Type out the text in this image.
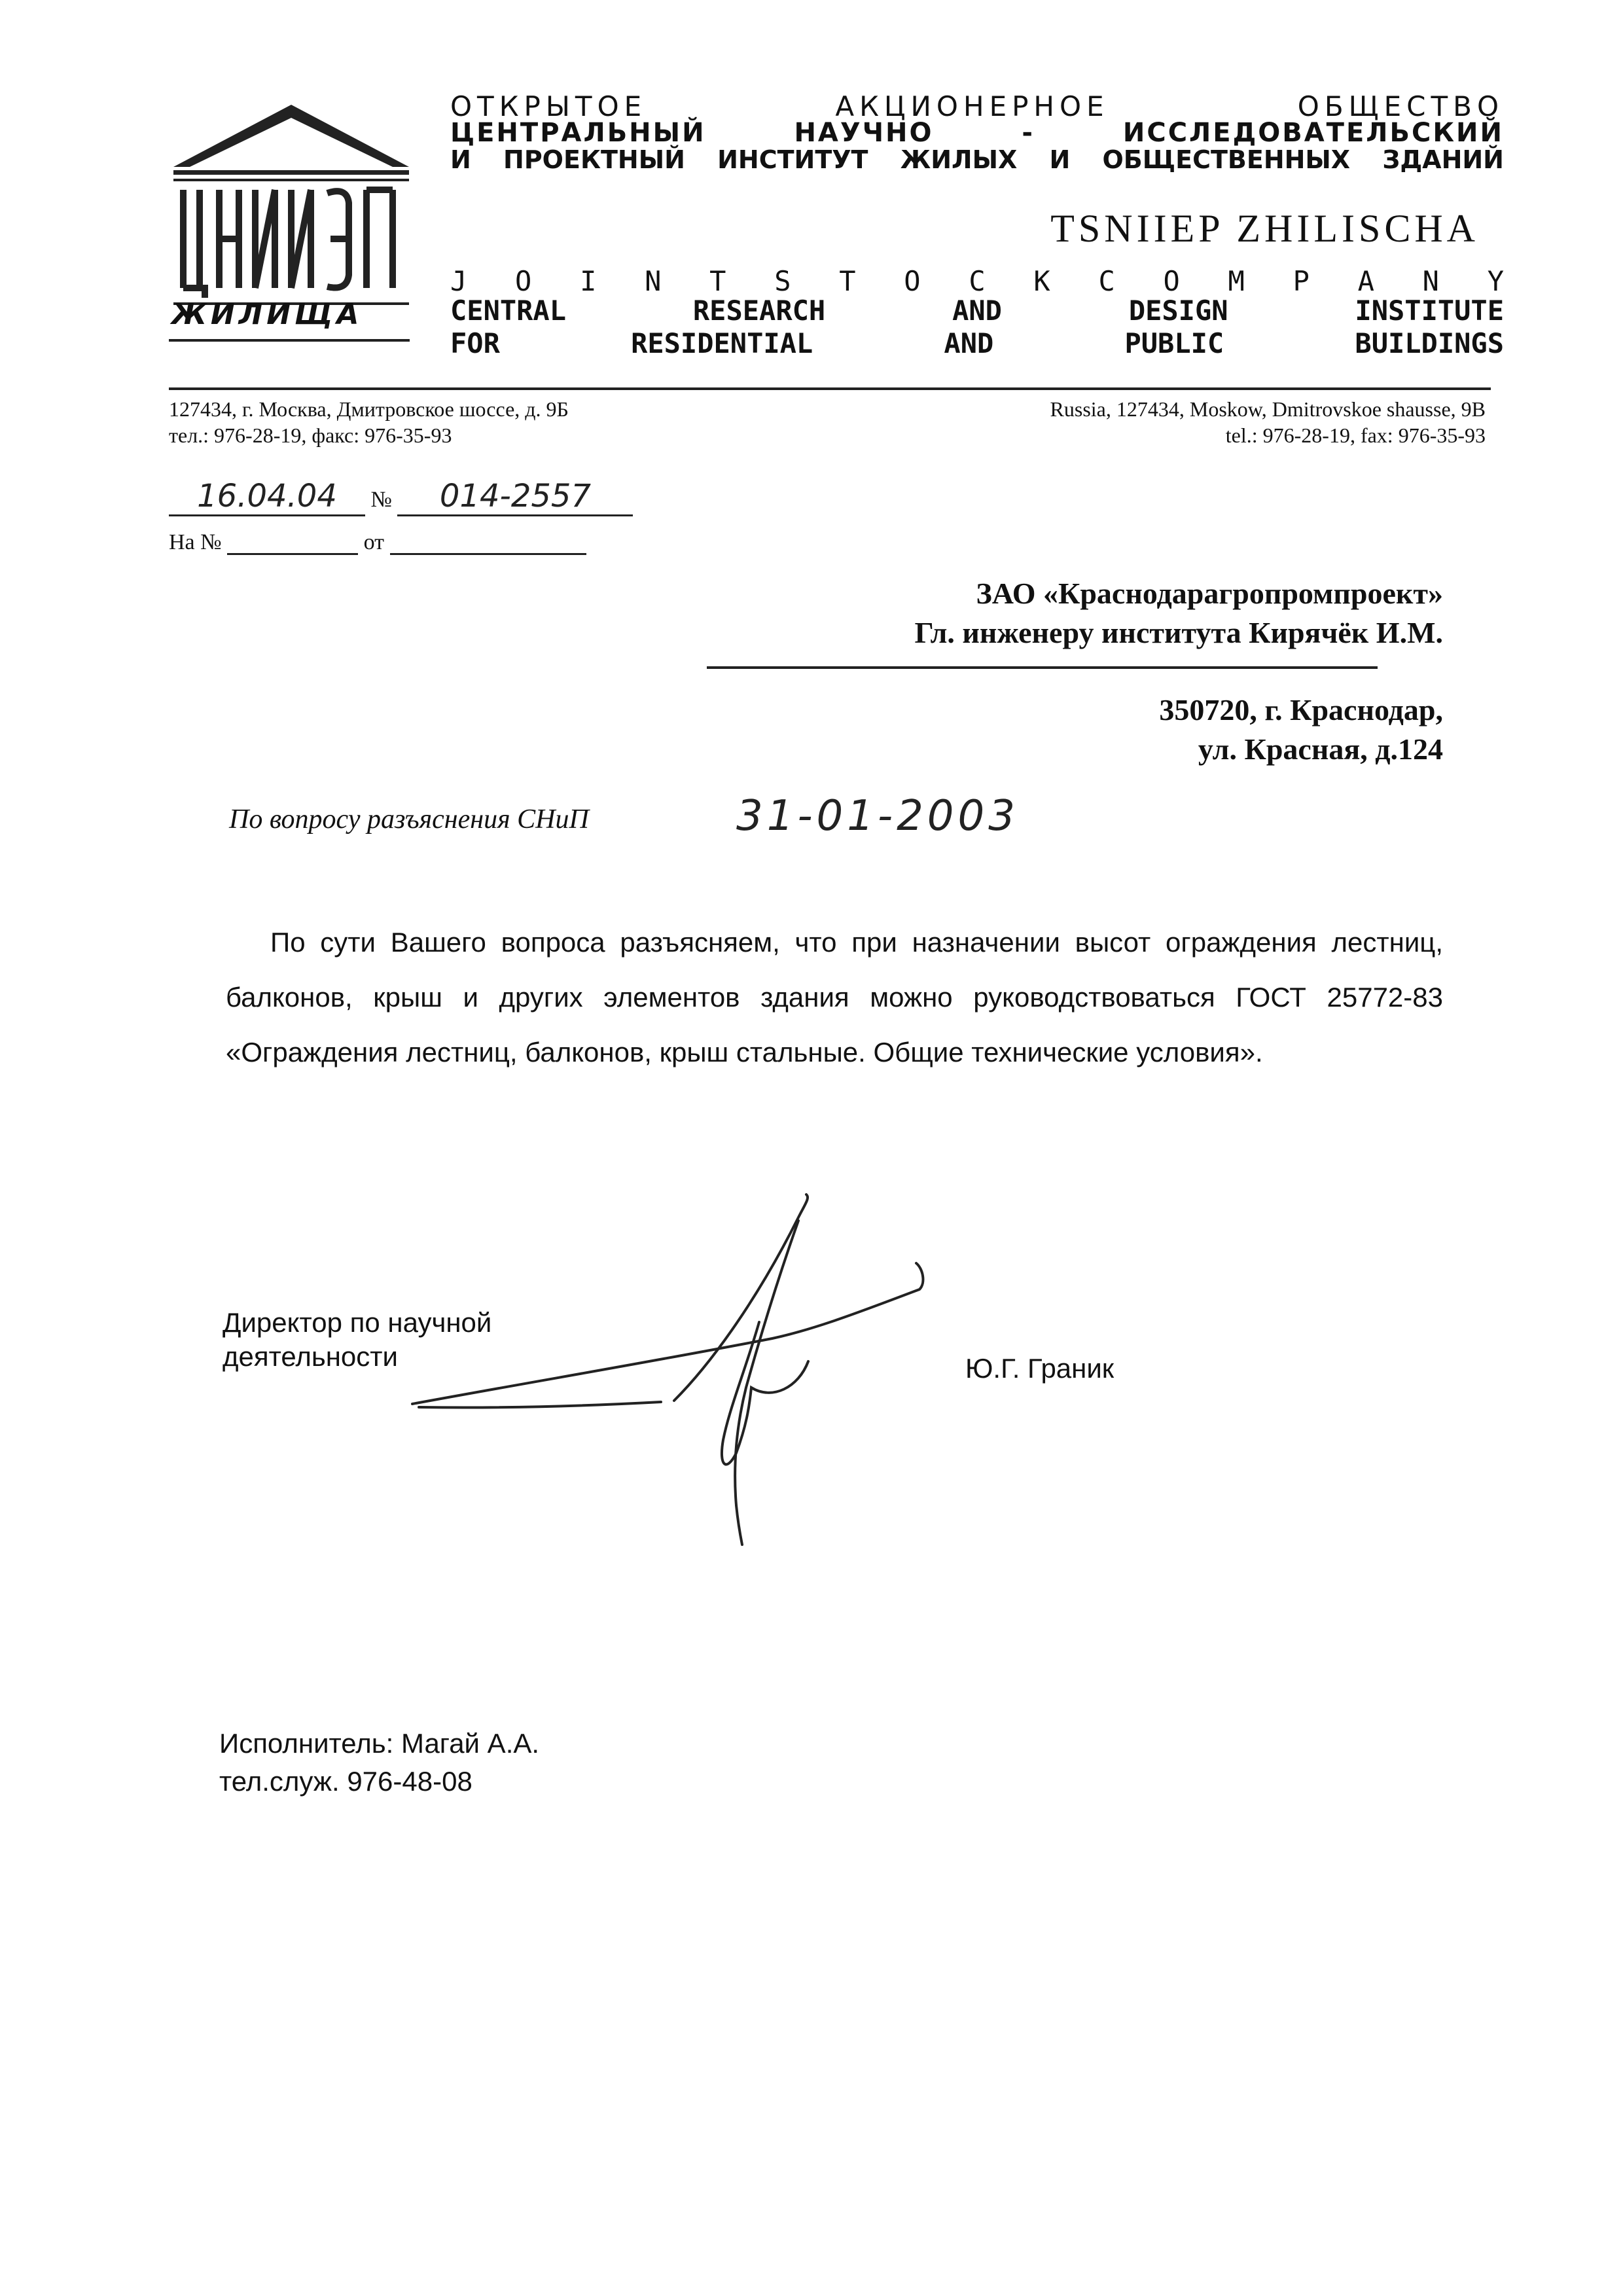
ЖИЛИЩА
ОТКРЫТОЕ АКЦИОНЕРНОЕ ОБЩЕСТВО
ЦЕНТРАЛЬНЫЙ НАУЧНО - ИССЛЕДОВАТЕЛЬСКИЙ
И ПРОЕКТНЫЙ ИНСТИТУТ ЖИЛЫХ И ОБЩЕСТВЕННЫХ ЗДАНИЙ
TSNIIEP ZHILISCHA
J O I N T S T O C K C O M P A N Y
CENTRAL RESEARCH AND DESIGN INSTITUTE
FOR RESIDENTIAL AND PUBLIC BUILDINGS
127434, г. Москва, Дмитровское шоссе, д. 9Б
тел.: 976-28-19, факс: 976-35-93
Russia, 127434, Moskow, Dmitrovskoe shausse, 9B
tel.: 976-28-19, fax: 976-35-93
16.04.04 № 014-2557
На №	от
ЗАО «Краснодарагропромпроект»
Гл. инженеру института Кирячёк И.М.
350720, г. Краснодар,
ул. Красная, д.124
По вопросу разъяснения СНиП	31-01-2003

По сути Вашего вопроса разъясняем, что при назначении высот ограждения лестниц, балконов, крыш и других элементов здания можно руководствоваться ГОСТ 25772-83 «Ограждения лестниц, балконов, крыш стальные. Общие технические условия».

Директор по научной
деятельности	Ю.Г. Граник
Исполнитель: Магай А.А.
тел.служ. 976-48-08
